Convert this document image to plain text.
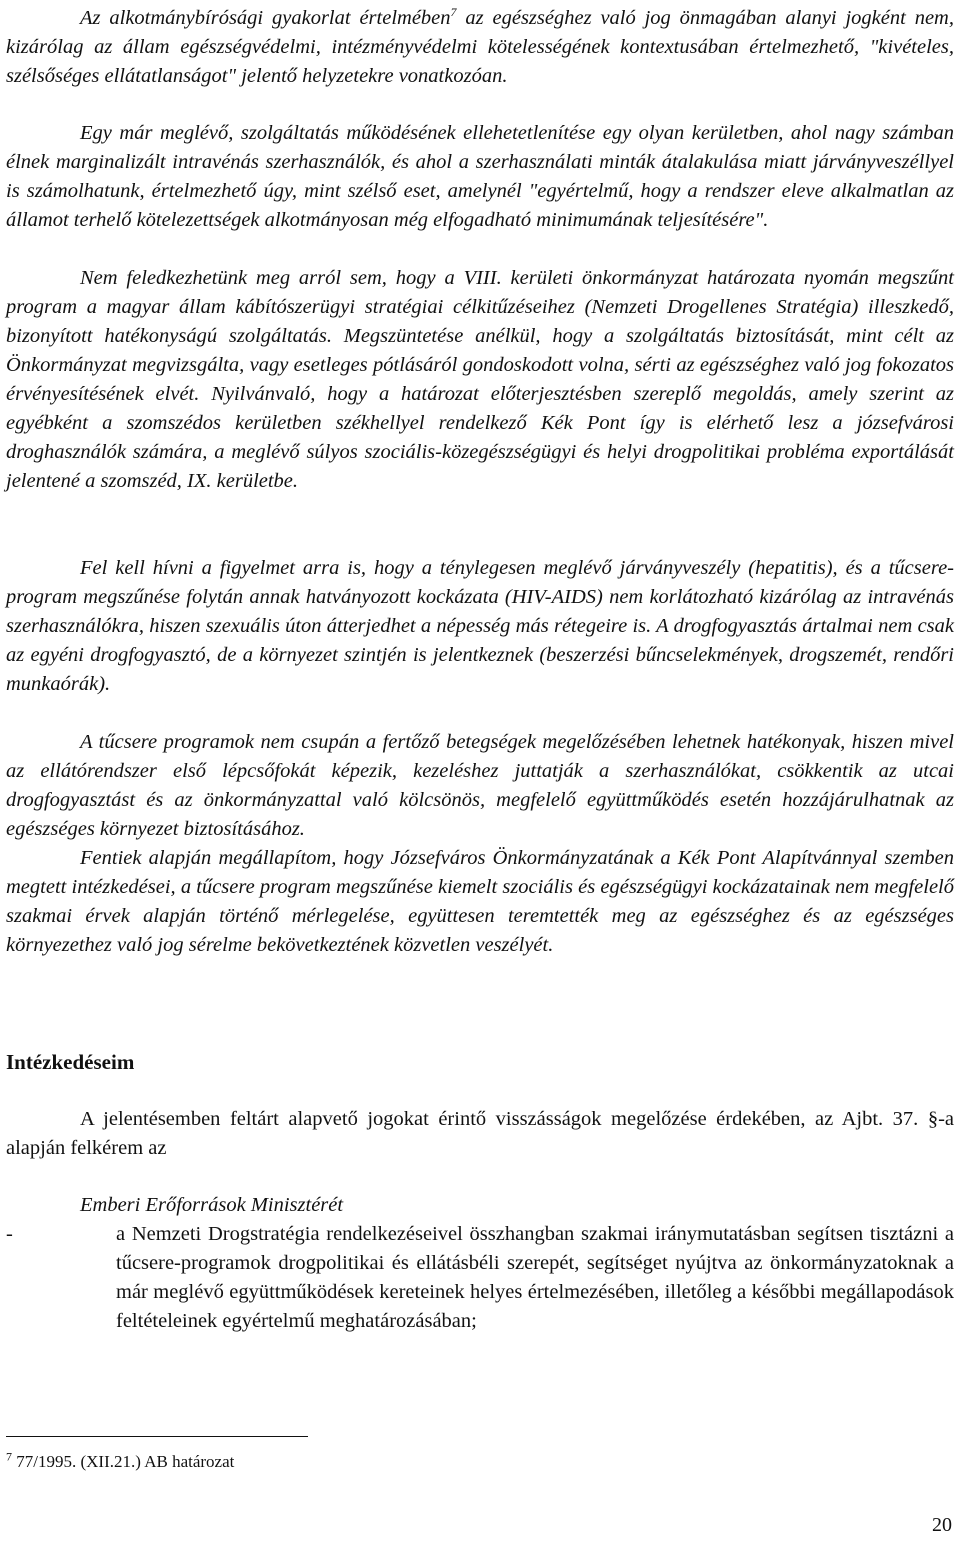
Az alkotmánybírósági gyakorlat értelmében$^7$ az egészséghez való jog önmagában alanyi jogként nem, kizárólag az állam egészségvédelmi, intézményvédelmi kötelességének kontextusában értelmezhető, "kivételes, szélsőséges ellátatlanságot" jelentő helyzetekre vonatkozóan.

Egy már meglévő, szolgáltatás működésének ellehetetlenítése egy olyan kerületben, ahol nagy számban élnek marginalizált intravénás szerhasználók, és ahol a szerhasználati minták átalakulása miatt járványveszéllyel is számolhatunk, értelmezhető úgy, mint szélső eset, amelynél "egyértelmű, hogy a rendszer eleve alkalmatlan az államot terhelő kötelezettségek alkotmányosan még elfogadható minimumának teljesítésére".

Nem feledkezhetünk meg arról sem, hogy a VIII. kerületi önkormányzat határozata nyomán megszűnt program a magyar állam kábítószerügyi stratégiai célkitűzéseihez (Nemzeti Drogellenes Stratégia) illeszkedő, bizonyított hatékonyságú szolgáltatás. Megszüntetése anélkül, hogy a szolgáltatás biztosítását, mint célt az Önkormányzat megvizsgálta, vagy esetleges pótlásáról gondoskodott volna, sérti az egészséghez való jog fokozatos érvényesítésének elvét. Nyilvánvaló, hogy a határozat előterjesztésben szereplő megoldás, amely szerint az egyébként a szomszédos kerületben székhellyel rendelkező Kék Pont így is elérhető lesz a józsefvárosi droghasználók számára, a meglévő súlyos szociális-közegészségügyi és helyi drogpolitikai probléma exportálását jelentené a szomszéd, IX. kerületbe.

Fel kell hívni a figyelmet arra is, hogy a ténylegesen meglévő járványveszély (hepatitis), és a tűcsere-program megszűnése folytán annak hatványozott kockázata (HIV-AIDS) nem korlátozható kizárólag az intravénás szerhasználókra, hiszen szexuális úton átterjedhet a népesség más rétegeire is. A drogfogyasztás ártalmai nem csak az egyéni drogfogyasztó, de a környezet szintjén is jelentkeznek (beszerzési bűncselekmények, drogszemét, rendőri munkaórák).

A tűcsere programok nem csupán a fertőző betegségek megelőzésében lehetnek hatékonyak, hiszen mivel az ellátórendszer első lépcsőfokát képezik, kezeléshez juttatják a szerhasználókat, csökkentik az utcai drogfogyasztást és az önkormányzattal való kölcsönös, megfelelő együttműködés esetén hozzájárulhatnak az egészséges környezet biztosításához.

Fentiek alapján megállapítom, hogy Józsefváros Önkormányzatának a Kék Pont Alapítvánnyal szemben megtett intézkedései, a tűcsere program megszűnése kiemelt szociális és egészségügyi kockázatainak nem megfelelő szakmai érvek alapján történő mérlegelése, együttesen teremtették meg az egészséghez és az egészséges környezethez való jog sérelme bekövetkeztének közvetlen veszélyét.

Intézkedéseim

A jelentésemben feltárt alapvető jogokat érintő visszásságok megelőzése érdekében, az Ajbt. 37. §-a alapján felkérem az

Emberi Erőforrások Minisztérét

-	a Nemzeti Drogstratégia rendelkezéseivel összhangban szakmai iránymutatásban segítsen tisztázni a tűcsere-programok drogpolitikai és ellátásbéli szerepét, segítséget nyújtva az önkormányzatoknak a már meglévő együttműködések kereteinek helyes értelmezésében, illetőleg a későbbi megállapodások feltételeinek egyértelmű meghatározásában;

$^7$ 77/1995. (XII.21.) AB határozat

20
